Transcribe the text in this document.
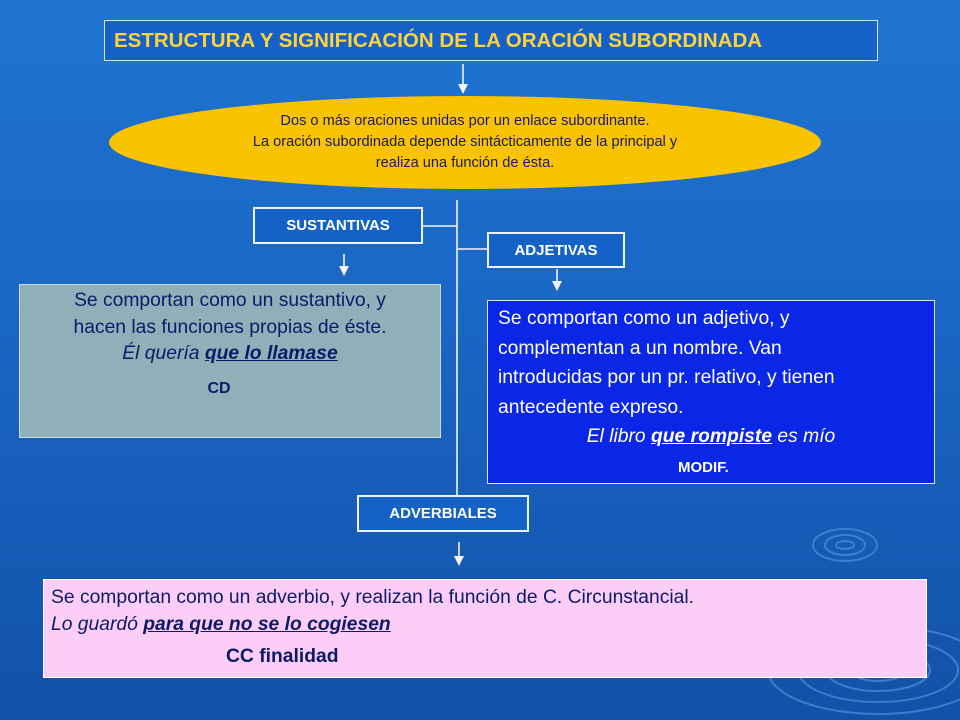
ESTRUCTURA Y SIGNIFICACIÓN DE LA ORACIÓN SUBORDINADA
Dos o más oraciones unidas por un enlace subordinante.
La oración subordinada depende sintácticamente de la principal y
realiza una función de ésta.
SUSTANTIVAS
ADJETIVAS
ADVERBIALES
Se comportan como un sustantivo, y
hacen las funciones propias de éste.
Él quería que lo llamase
CD
Se comportan como un adjetivo, y
complementan a un nombre. Van
introducidas por un pr. relativo, y tienen
antecedente expreso.
El libro que rompiste es mío
MODIF.
Se comportan como un adverbio, y realizan la función de C. Circunstancial.
Lo guardó para que no se lo cogiesen
CC finalidad
